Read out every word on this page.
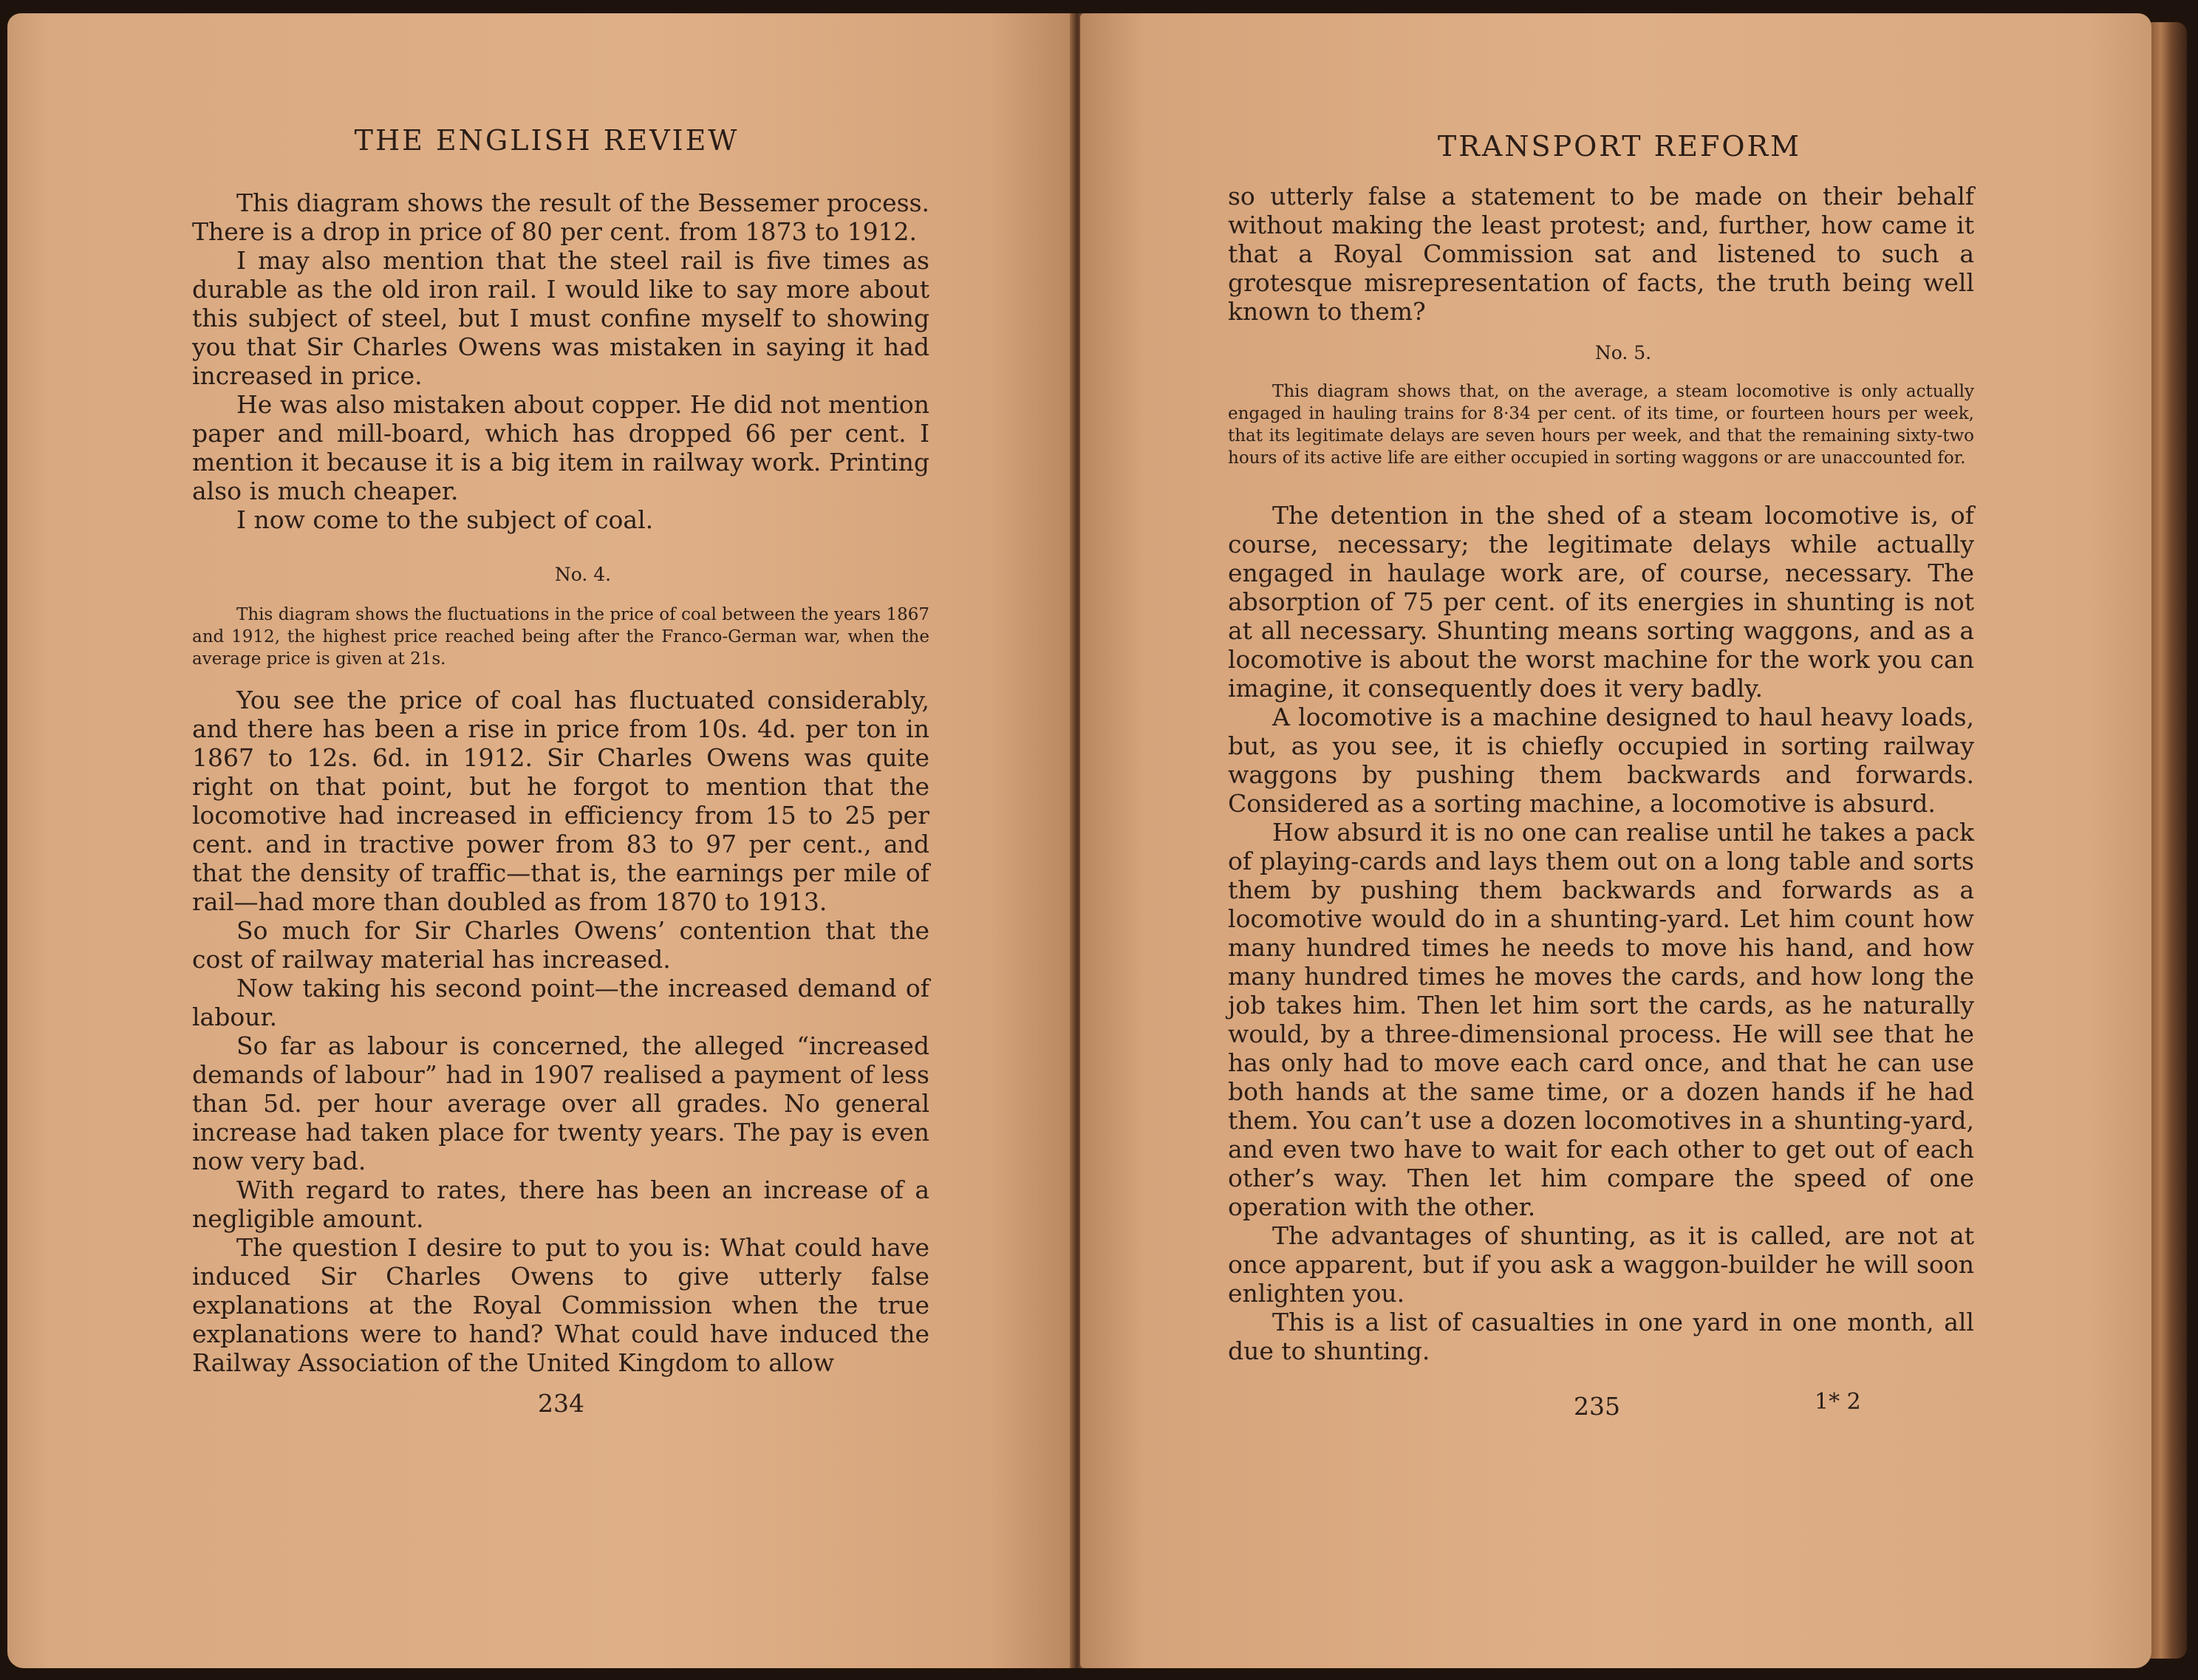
THE ENGLISH REVIEW

This diagram shows the result of the Bessemer process. There is a drop in price of 80 per cent. from 1873 to 1912.

I may also mention that the steel rail is five times as durable as the old iron rail. I would like to say more about this subject of steel, but I must confine myself to showing you that Sir Charles Owens was mistaken in saying it had increased in price.

He was also mistaken about copper. He did not mention paper and mill-board, which has dropped 66 per cent. I mention it because it is a big item in railway work. Printing also is much cheaper.

I now come to the subject of coal.

No. 4.

This diagram shows the fluctuations in the price of coal between the years 1867 and 1912, the highest price reached being after the Franco-German war, when the average price is given at 21s.

You see the price of coal has fluctuated considerably, and there has been a rise in price from 10s. 4d. per ton in 1867 to 12s. 6d. in 1912. Sir Charles Owens was quite right on that point, but he forgot to mention that the locomotive had increased in efficiency from 15 to 25 per cent. and in tractive power from 83 to 97 per cent., and that the density of traffic—that is, the earnings per mile of rail—had more than doubled as from 1870 to 1913.

So much for Sir Charles Owens’ contention that the cost of railway material has increased.

Now taking his second point—the increased demand of labour.

So far as labour is concerned, the alleged “increased demands of labour” had in 1907 realised a payment of less than 5d. per hour average over all grades. No general increase had taken place for twenty years. The pay is even now very bad.

With regard to rates, there has been an increase of a negligible amount.

The question I desire to put to you is: What could have induced Sir Charles Owens to give utterly false explanations at the Royal Commission when the true explanations were to hand? What could have induced the Railway Association of the United Kingdom to allow

234
TRANSPORT REFORM

so utterly false a statement to be made on their behalf without making the least protest; and, further, how came it that a Royal Commission sat and listened to such a grotesque misrepresentation of facts, the truth being well known to them?

No. 5.

This diagram shows that, on the average, a steam locomotive is only actually engaged in hauling trains for 8·34 per cent. of its time, or fourteen hours per week, that its legitimate delays are seven hours per week, and that the remaining sixty-two hours of its active life are either occupied in sorting waggons or are unaccounted for.

The detention in the shed of a steam locomotive is, of course, necessary; the legitimate delays while actually engaged in haulage work are, of course, necessary. The absorption of 75 per cent. of its energies in shunting is not at all necessary. Shunting means sorting waggons, and as a locomotive is about the worst machine for the work you can imagine, it consequently does it very badly.

A locomotive is a machine designed to haul heavy loads, but, as you see, it is chiefly occupied in sorting railway waggons by pushing them backwards and forwards. Considered as a sorting machine, a locomotive is absurd.

How absurd it is no one can realise until he takes a pack of playing-cards and lays them out on a long table and sorts them by pushing them backwards and forwards as a locomotive would do in a shunting-yard. Let him count how many hundred times he needs to move his hand, and how many hundred times he moves the cards, and how long the job takes him. Then let him sort the cards, as he naturally would, by a three-dimensional process. He will see that he has only had to move each card once, and that he can use both hands at the same time, or a dozen hands if he had them. You can’t use a dozen locomotives in a shunting-yard, and even two have to wait for each other to get out of each other’s way. Then let him compare the speed of one operation with the other.

The advantages of shunting, as it is called, are not at once apparent, but if you ask a waggon-builder he will soon enlighten you.

This is a list of casualties in one yard in one month, all due to shunting.

235	1* 2
